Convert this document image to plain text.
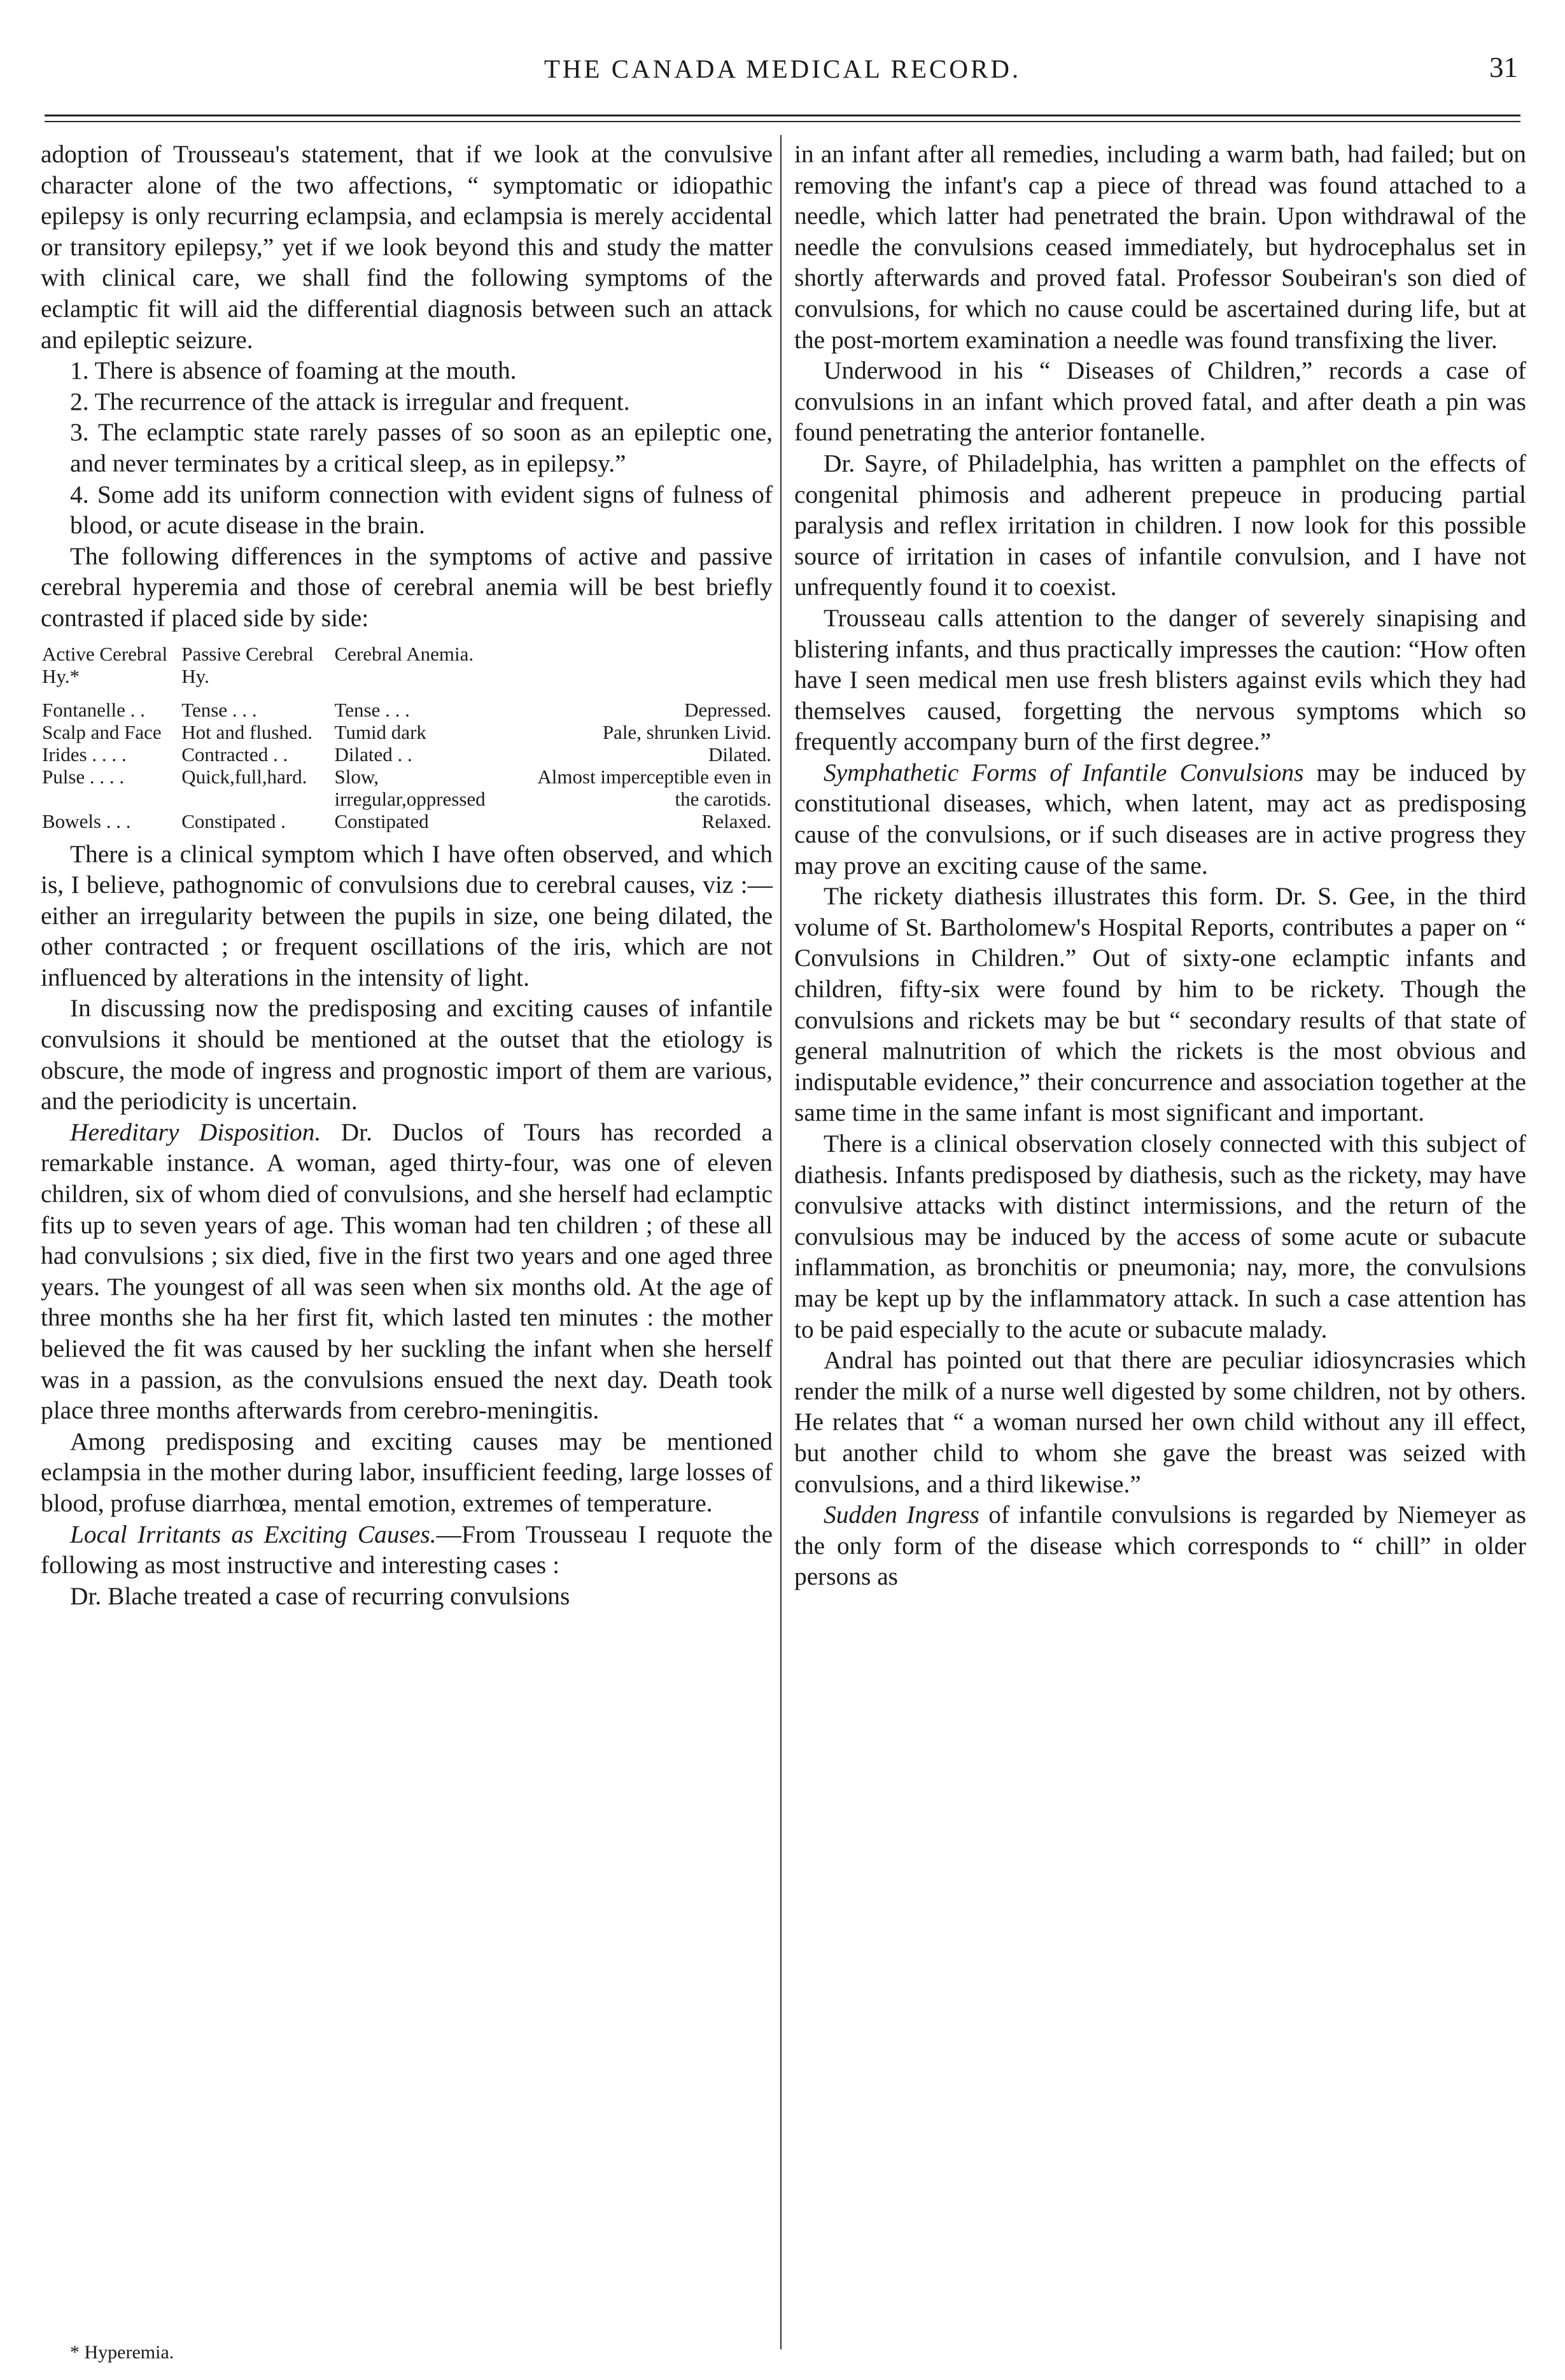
THE CANADA MEDICAL RECORD.	31

adoption of Trousseau's statement, that if we look at the convulsive character alone of the two affections, “ symptomatic or idiopathic epilepsy is only recurring eclampsia, and eclampsia is merely accidental or transitory epilepsy,” yet if we look beyond this and study the matter with clinical care, we shall find the following symptoms of the eclamptic fit will aid the differential diagnosis between such an attack and epileptic seizure.

1. There is absence of foaming at the mouth.

2. The recurrence of the attack is irregular and frequent.

3. The eclamptic state rarely passes of so soon as an epileptic one, and never terminates by a critical sleep, as in epilepsy.”

4. Some add its uniform connection with evident signs of fulness of blood, or acute disease in the brain.

The following differences in the symptoms of active and passive cerebral hyperemia and those of cerebral anemia will be best briefly contrasted if placed side by side:

Active Cerebral Hy.*	Passive Cerebral Hy.	Cerebral Anemia.	
Fontanelle . .	Tense . . .	Tense . . .	Depressed.
Scalp and Face	Hot and flushed.	Tumid dark	Pale, shrunken Livid.
Irides . . . .	Contracted . .	Dilated . .	Dilated.
Pulse . . . .	Quick,full,hard.	Slow, irregular,oppressed	Almost imperceptible even in the carotids.
Bowels . . .	Constipated .	Constipated	Relaxed.

There is a clinical symptom which I have often observed, and which is, I believe, pathognomic of convulsions due to cerebral causes, viz :—either an irregularity between the pupils in size, one being dilated, the other contracted ; or frequent oscillations of the iris, which are not influenced by alterations in the intensity of light.

In discussing now the predisposing and exciting causes of infantile convulsions it should be mentioned at the outset that the etiology is obscure, the mode of ingress and prognostic import of them are various, and the periodicity is uncertain.

Hereditary Disposition. Dr. Duclos of Tours has recorded a remarkable instance. A woman, aged thirty-four, was one of eleven children, six of whom died of convulsions, and she herself had eclamptic fits up to seven years of age. This woman had ten children ; of these all had convulsions ; six died, five in the first two years and one aged three years. The youngest of all was seen when six months old. At the age of three months she ha her first fit, which lasted ten minutes : the mother believed the fit was caused by her suckling the infant when she herself was in a passion, as the convulsions ensued the next day. Death took place three months afterwards from cerebro-meningitis.

Among predisposing and exciting causes may be mentioned eclampsia in the mother during labor, insufficient feeding, large losses of blood, profuse diarrhœa, mental emotion, extremes of temperature.

Local Irritants as Exciting Causes.—From Trousseau I requote the following as most instructive and interesting cases :

Dr. Blache treated a case of recurring convulsions

in an infant after all remedies, including a warm bath, had failed; but on removing the infant's cap a piece of thread was found attached to a needle, which latter had penetrated the brain. Upon withdrawal of the needle the convulsions ceased immediately, but hydrocephalus set in shortly afterwards and proved fatal. Professor Soubeiran's son died of convulsions, for which no cause could be ascertained during life, but at the post-mortem examination a needle was found transfixing the liver.

Underwood in his “ Diseases of Children,” records a case of convulsions in an infant which proved fatal, and after death a pin was found penetrating the anterior fontanelle.

Dr. Sayre, of Philadelphia, has written a pamphlet on the effects of congenital phimosis and adherent prepeuce in producing partial paralysis and reflex irritation in children. I now look for this possible source of irritation in cases of infantile convulsion, and I have not unfrequently found it to coexist.

Trousseau calls attention to the danger of severely sinapising and blistering infants, and thus practically impresses the caution: “How often have I seen medical men use fresh blisters against evils which they had themselves caused, forgetting the nervous symptoms which so frequently accompany burn of the first degree.”

Symphathetic Forms of Infantile Convulsions may be induced by constitutional diseases, which, when latent, may act as predisposing cause of the convulsions, or if such diseases are in active progress they may prove an exciting cause of the same.

The rickety diathesis illustrates this form. Dr. S. Gee, in the third volume of St. Bartholomew's Hospital Reports, contributes a paper on “ Convulsions in Children.” Out of sixty-one eclamptic infants and children, fifty-six were found by him to be rickety. Though the convulsions and rickets may be but “ secondary results of that state of general malnutrition of which the rickets is the most obvious and indisputable evidence,” their concurrence and association together at the same time in the same infant is most significant and important.

There is a clinical observation closely connected with this subject of diathesis. Infants predisposed by diathesis, such as the rickety, may have convulsive attacks with distinct intermissions, and the return of the convulsious may be induced by the access of some acute or subacute inflammation, as bronchitis or pneumonia; nay, more, the convulsions may be kept up by the inflammatory attack. In such a case attention has to be paid especially to the acute or subacute malady.

Andral has pointed out that there are peculiar idiosyncrasies which render the milk of a nurse well digested by some children, not by others. He relates that “ a woman nursed her own child without any ill effect, but another child to whom she gave the breast was seized with convulsions, and a third likewise.”

Sudden Ingress of infantile convulsions is regarded by Niemeyer as the only form of the disease which corresponds to “ chill” in older persons as

* Hyperemia.
